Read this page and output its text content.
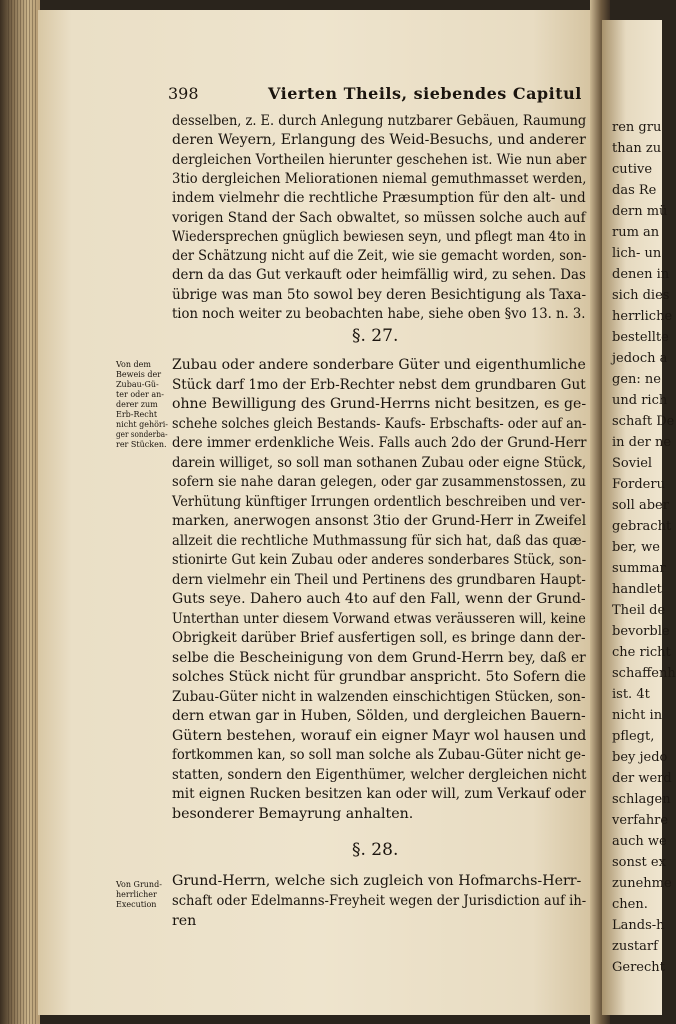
ren gru
than zu
cutive
das Re
dern mü
rum an
lich- un
denen in
sich dies
herrliche
bestellte
jedoch a
gen: ne
und rich
schaft De
in der ne
Soviel
Forderu
soll aber
gebracht
ber, we
summar
handlet
Theil de
bevorble
che richt
schaffenh
ist. 4t
nicht in
pflegt,
bey jedo
der werd
schlagen
verfahre
auch we
sonst ex
zunehme
chen.
Lands-h
zustarf
Gerecht
398	Vierten Theils, siebendes Capitul
desselben, z. E. durch Anlegung nutzbarer Gebäuen, Raumung
deren Weyern, Erlangung des Weid-Besuchs, und anderer
dergleichen Vortheilen hierunter geschehen ist. Wie nun aber
3tio dergleichen Meliorationen niemal gemuthmasset werden,
indem vielmehr die rechtliche Præsumption für den alt- und
vorigen Stand der Sach obwaltet, so müssen solche auch auf
Wiedersprechen gnüglich bewiesen seyn, und pflegt man 4to in
der Schätzung nicht auf die Zeit, wie sie gemacht worden, son-
dern da das Gut verkauft oder heimfällig wird, zu sehen. Das
übrige was man 5to sowol bey deren Besichtigung als Taxa-
tion noch weiter zu beobachten habe, siehe oben §vo 13. n. 3.
§. 27.
Von dem
Beweis der
Zubau-Gü-
ter oder an-
derer zum
Erb-Recht
nicht gehöri-
ger sonderba-
rer Stücken.
Zubau oder andere sonderbare Güter und eigenthumliche
Stück darf 1mo der Erb-Rechter nebst dem grundbaren Gut
ohne Bewilligung des Grund-Herrns nicht besitzen, es ge-
schehe solches gleich Bestands- Kaufs- Erbschafts- oder auf an-
dere immer erdenkliche Weis. Falls auch 2do der Grund-Herr
darein williget, so soll man sothanen Zubau oder eigne Stück,
sofern sie nahe daran gelegen, oder gar zusammenstossen, zu
Verhütung künftiger Irrungen ordentlich beschreiben und ver-
marken, anerwogen ansonst 3tio der Grund-Herr in Zweifel
allzeit die rechtliche Muthmassung für sich hat, daß das quæ-
stionirte Gut kein Zubau oder anderes sonderbares Stück, son-
dern vielmehr ein Theil und Pertinens des grundbaren Haupt-
Guts seye. Dahero auch 4to auf den Fall, wenn der Grund-
Unterthan unter diesem Vorwand etwas veräusseren will, keine
Obrigkeit darüber Brief ausfertigen soll, es bringe dann der-
selbe die Bescheinigung von dem Grund-Herrn bey, daß er
solches Stück nicht für grundbar anspricht. 5to Sofern die
Zubau-Güter nicht in walzenden einschichtigen Stücken, son-
dern etwan gar in Huben, Sölden, und dergleichen Bauern-
Gütern bestehen, worauf ein eigner Mayr wol hausen und
fortkommen kan, so soll man solche als Zubau-Güter nicht ge-
statten, sondern den Eigenthümer, welcher dergleichen nicht
mit eignen Rucken besitzen kan oder will, zum Verkauf oder
besonderer Bemayrung anhalten.
§. 28.
Von Grund-
herrlicher
Execution
Grund-Herrn, welche sich zugleich von Hofmarchs-Herr-
schaft oder Edelmanns-Freyheit wegen der Jurisdiction auf ih-
ren
